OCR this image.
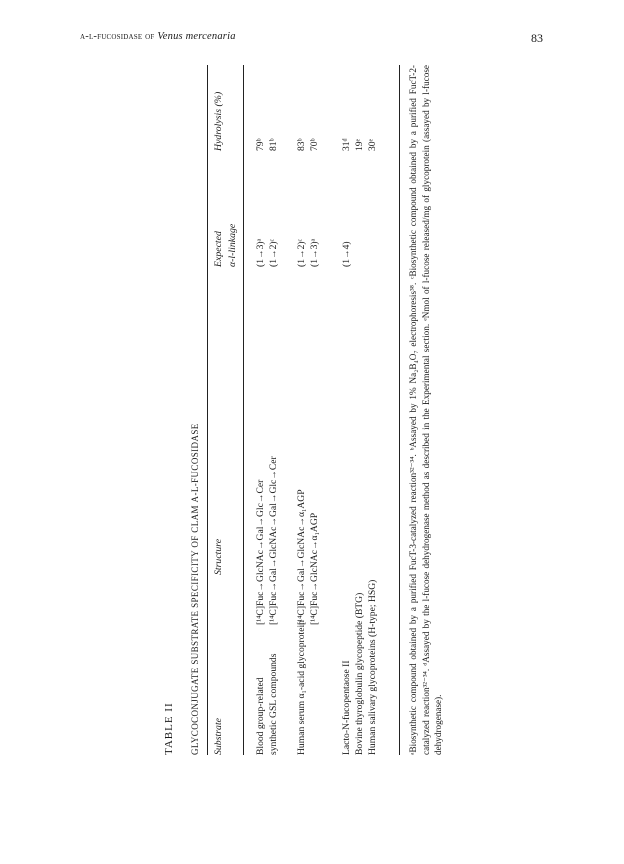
α-l-fucosidase of Venus mercenaria	83
TABLE II GLYCOCONJUGATE SUBSTRATE SPECIFICITY OF CLAM Α-L-FUCOSIDASE Substrate
Structure
Expected α-l-linkage
Hydrolysis (%)
Blood group-related
[¹⁴C]Fuc→GlcNAc→Gal→Glc→Cer
(1→3)ᵃ
79ᵇ
synthetic GSL compounds
[¹⁴C]Fuc→Gal→GlcNAc→Gal→Glc→Cer
(1→2)ᶜ
81ᵇ
Human serum α₁-acid glycoprotein
[¹⁴C]Fuc→Gal→GlcNAc→α₁AGP
(1→2)ᶜ
83ᵇ
[¹⁴C]Fuc→GlcNAc→α₁AGP
(1→3)ᵃ
70ᵇ
Lacto-N-fucopentaose II
(1→4)
31ᵈ
Bovine thyroglobulin glycopeptide (BTG)
19ᵉ
Human salivary glycoproteins (H-type; HSG)
30ᵉ	ᵃBiosynthetic compound obtained by a purified FucT-3-catalyzed reaction³²⁻³⁴. ᵇAssayed by 1% Na₂B₄O₇ electrophoresis³⁸. ᶜBiosynthetic compound obtained by a purified FucT-2-catalyzed reaction³²⁻³⁴. ᵈAssayed by the l-fucose dehydrogenase method as described in the Experimental section. ᵉNmol of l-fucose released/mg of glycoprotein (assayed by l-fucose dehydrogenase).
